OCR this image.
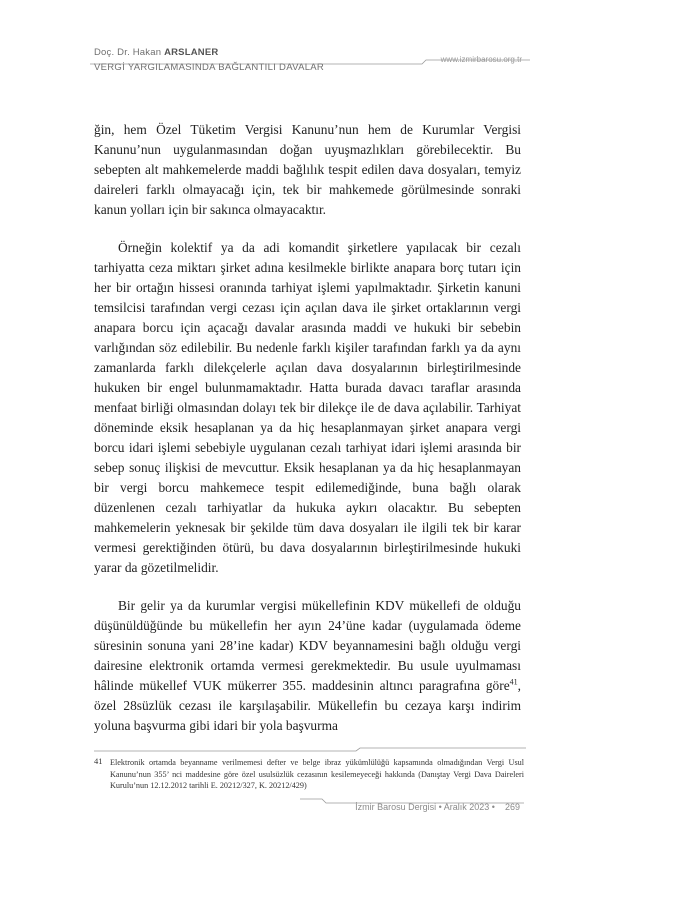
Doç. Dr. Hakan ARSLANER
VERGİ YARGILAMASINDA BAĞLANTILI DAVALAR
www.izmirbarosu.org.tr

ğin, hem Özel Tüketim Vergisi Kanunu’nun hem de Kurumlar Vergisi Kanunu’nun uygulanmasından doğan uyuşmazlıkları görebilecektir. Bu sebepten alt mahkemelerde maddi bağlılık tespit edilen dava dosyaları, temyiz daireleri farklı olmayacağı için, tek bir mahkemede görülmesinde sonraki kanun yolları için bir sakınca olmayacaktır.

Örneğin kolektif ya da adi komandit şirketlere yapılacak bir cezalı tarhiyatta ceza miktarı şirket adına kesilmekle birlikte anapara borç tutarı için her bir ortağın hissesi oranında tarhiyat işlemi yapılmaktadır. Şirketin kanuni temsilcisi tarafından vergi cezası için açılan dava ile şirket ortaklarının vergi anapara borcu için açacağı davalar arasında maddi ve hukuki bir sebebin varlığından söz edilebilir. Bu nedenle farklı kişiler tarafından farklı ya da aynı zamanlarda farklı dilekçelerle açılan dava dosyalarının birleştirilmesinde hukuken bir engel bulunmamaktadır. Hatta burada davacı taraflar arasında menfaat birliği olmasından dolayı tek bir dilekçe ile de dava açılabilir. Tarhiyat döneminde eksik hesaplanan ya da hiç hesaplanmayan şirket anapara vergi borcu idari işlemi sebebiyle uygulanan cezalı tarhiyat idari işlemi arasında bir sebep sonuç ilişkisi de mevcuttur. Eksik hesaplanan ya da hiç hesaplanmayan bir vergi borcu mahkemece tespit edilemediğinde, buna bağlı olarak düzenlenen cezalı tarhiyatlar da hukuka aykırı olacaktır. Bu sebepten mahkemelerin yeknesak bir şekilde tüm dava dosyaları ile ilgili tek bir karar vermesi gerektiğinden ötürü, bu dava dosyalarının birleştirilmesinde hukuki yarar da gözetilmelidir.

Bir gelir ya da kurumlar vergisi mükellefinin KDV mükellefi de olduğu düşünüldüğünde bu mükellefin her ayın 24’üne kadar (uygulamada ödeme süresinin sonuna yani 28’ine kadar) KDV beyannamesini bağlı olduğu vergi dairesine elektronik ortamda vermesi gerekmektedir. Bu usule uyulmaması hâlinde mükellef VUK mükerrer 355. maddesinin altıncı paragrafına göre$^{41}$, özel 28süzlük cezası ile karşılaşabilir. Mükellefin bu cezaya karşı indirim yoluna başvurma gibi idari bir yola başvurma

41 Elektronik ortamda beyanname verilmemesi defter ve belge ibraz yükümlülüğü kapsamında olmadığından Vergi Usul Kanunu’nun 355’ nci maddesine göre özel usulsüzlük cezasının kesilemeyeceği hakkında (Danıştay Vergi Dava Daireleri Kurulu’nun 12.12.2012 tarihli E. 20212/327, K. 20212/429)
İzmir Barosu Dergisi • Aralık 2023 • 269
